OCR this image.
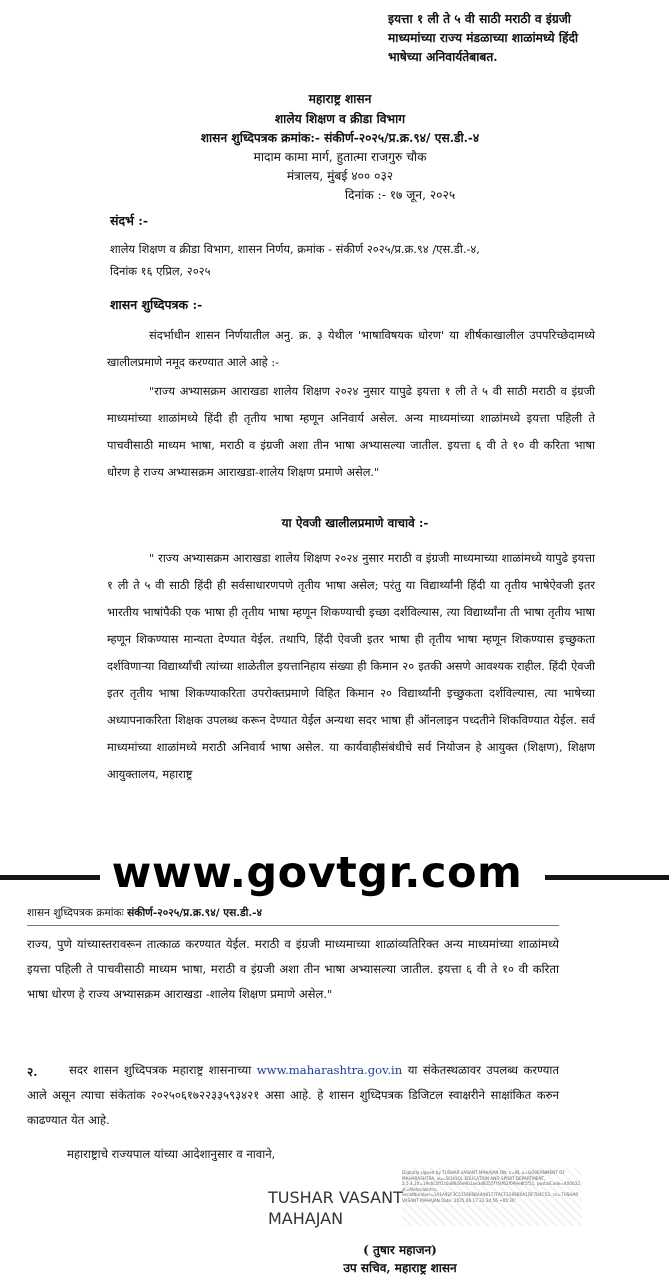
इयत्ता १ ली ते ५ वी साठी मराठी व इंग्रजी
माध्यमांच्या राज्य मंडळाच्या शाळांमध्ये हिंदी
भाषेच्या अनिवार्यतेबाबत.
महाराष्ट्र शासन
शालेय शिक्षण व क्रीडा विभाग
शासन शुध्दिपत्रक क्रमांक:- संकीर्ण-२०२५/प्र.क्र.९४/ एस.डी.-४
मादाम कामा मार्ग, हुतात्मा राजगुरु चौक
मंत्रालय, मुंबई ४०० ०३२
दिनांक :- १७ जून, २०२५
संदर्भ :-
शालेय शिक्षण व क्रीडा विभाग, शासन निर्णय, क्रमांक - संकीर्ण २०२५/प्र.क्र.९४ /एस.डी.-४,
दिनांक १६ एप्रिल, २०२५
शासन शुध्दिपत्रक :-
संदर्भाधीन शासन निर्णयातील अनु. क्र. ३ येथील 'भाषाविषयक धोरण' या शीर्षकाखालील उपपरिच्छेदामध्ये खालीलप्रमाणे नमूद करण्यात आले आहे :-
"राज्य अभ्यासक्रम आराखडा शालेय शिक्षण २०२४ नुसार यापुढे इयत्ता १ ली ते ५ वी साठी मराठी व इंग्रजी माध्यमांच्या शाळांमध्ये हिंदी ही तृतीय भाषा म्हणून अनिवार्य असेल. अन्य माध्यमांच्या शाळांमध्ये इयत्ता पहिली ते पाचवीसाठी माध्यम भाषा, मराठी व इंग्रजी अशा तीन भाषा अभ्यासल्या जातील. इयत्ता ६ वी ते १० वी करिता भाषा धोरण हे राज्य अभ्यासक्रम आराखडा-शालेय शिक्षण प्रमाणे असेल."
या ऐवजी खालीलप्रमाणे वाचावे :-
" राज्य अभ्यासक्रम आराखडा शालेय शिक्षण २०२४ नुसार मराठी व इंग्रजी माध्यमाच्या शाळांमध्ये यापुढे इयत्ता १ ली ते ५ वी साठी हिंदी ही सर्वसाधारणपणे तृतीय भाषा असेल; परंतु या विद्यार्थ्यांनी हिंदी या तृतीय भाषेऐवजी इतर भारतीय भाषांपैकी एक भाषा ही तृतीय भाषा म्हणून शिकण्याची इच्छा दर्शविल्यास, त्या विद्यार्थ्यांना ती भाषा तृतीय भाषा म्हणून शिकण्यास मान्यता देण्यात येईल. तथापि, हिंदी ऐवजी इतर भाषा ही तृतीय भाषा म्हणून शिकण्यास इच्छुकता दर्शविणाऱ्या विद्यार्थ्यांची त्यांच्या शाळेतील इयत्तानिहाय संख्या ही किमान २० इतकी असणे आवश्यक राहील. हिंदी ऐवजी इतर तृतीय भाषा शिकण्याकरिता उपरोक्तप्रमाणे विहित किमान २० विद्यार्थ्यांनी इच्छुकता दर्शविल्यास, त्या भाषेच्या अध्यापनाकरिता शिक्षक उपलब्ध करून देण्यात येईल अन्यथा सदर भाषा ही ऑनलाइन पध्दतीने शिकविण्यात येईल. सर्व माध्यमांच्या शाळांमध्ये मराठी अनिवार्य भाषा असेल. या कार्यवाहीसंबंधीचे सर्व नियोजन हे आयुक्त (शिक्षण), शिक्षण आयुक्तालय, महाराष्ट्र
www.govtgr.com
शासन शुध्दिपत्रक क्रमांकः संकीर्ण-२०२५/प्र.क्र.९४/ एस.डी.-४
राज्य, पुणे यांच्यास्तरावरून तात्काळ करण्यात येईल. मराठी व इंग्रजी माध्यमाच्या शाळांव्यतिरिक्त अन्य माध्यमांच्या शाळांमध्ये इयत्ता पहिली ते पाचवीसाठी माध्यम भाषा, मराठी व इंग्रजी अशा तीन भाषा अभ्यासल्या जातील. इयत्ता ६ वी ते १० वी करिता भाषा धोरण हे राज्य अभ्यासक्रम आराखडा -शालेय शिक्षण प्रमाणे असेल."
२.	सदर शासन शुध्दिपत्रक महाराष्ट्र शासनाच्या www.maharashtra.gov.in या संकेतस्थळावर उपलब्ध करण्यात आले असून त्याचा संकेतांक २०२५०६१७२२३३५९३४२१ असा आहे. हे शासन शुध्दिपत्रक डिजिटल स्वाक्षरीने साक्षांकित करुन काढण्यात येत आहे.
महाराष्ट्राचे राज्यपाल यांच्या आदेशानुसार व नावाने,
TUSHAR VASANT
MAHAJAN
Digitally signed by TUSHAR VASANT MAHAJAN DN: c=IN, o=GOVERNMENT OF MAHARASHTRA, ou=SCHOOL EDUCATION AND SPORT DEPARTMENT, 2.5.4.20=19c6c2ff1c0a8926e9b1ae3d8255f7f4f62f099e8f1f11, postalCode=400032, st=Maharashtra, serialNumber=1A1A92F3C5159E6BA4A8177FACF2266B0A1DF7B4C53, cn=TUSHAR VASANT MAHAJAN Date: 2025.06.17 22:34:56 +05'30'
( तुषार महाजन)
उप सचिव, महाराष्ट्र शासन
